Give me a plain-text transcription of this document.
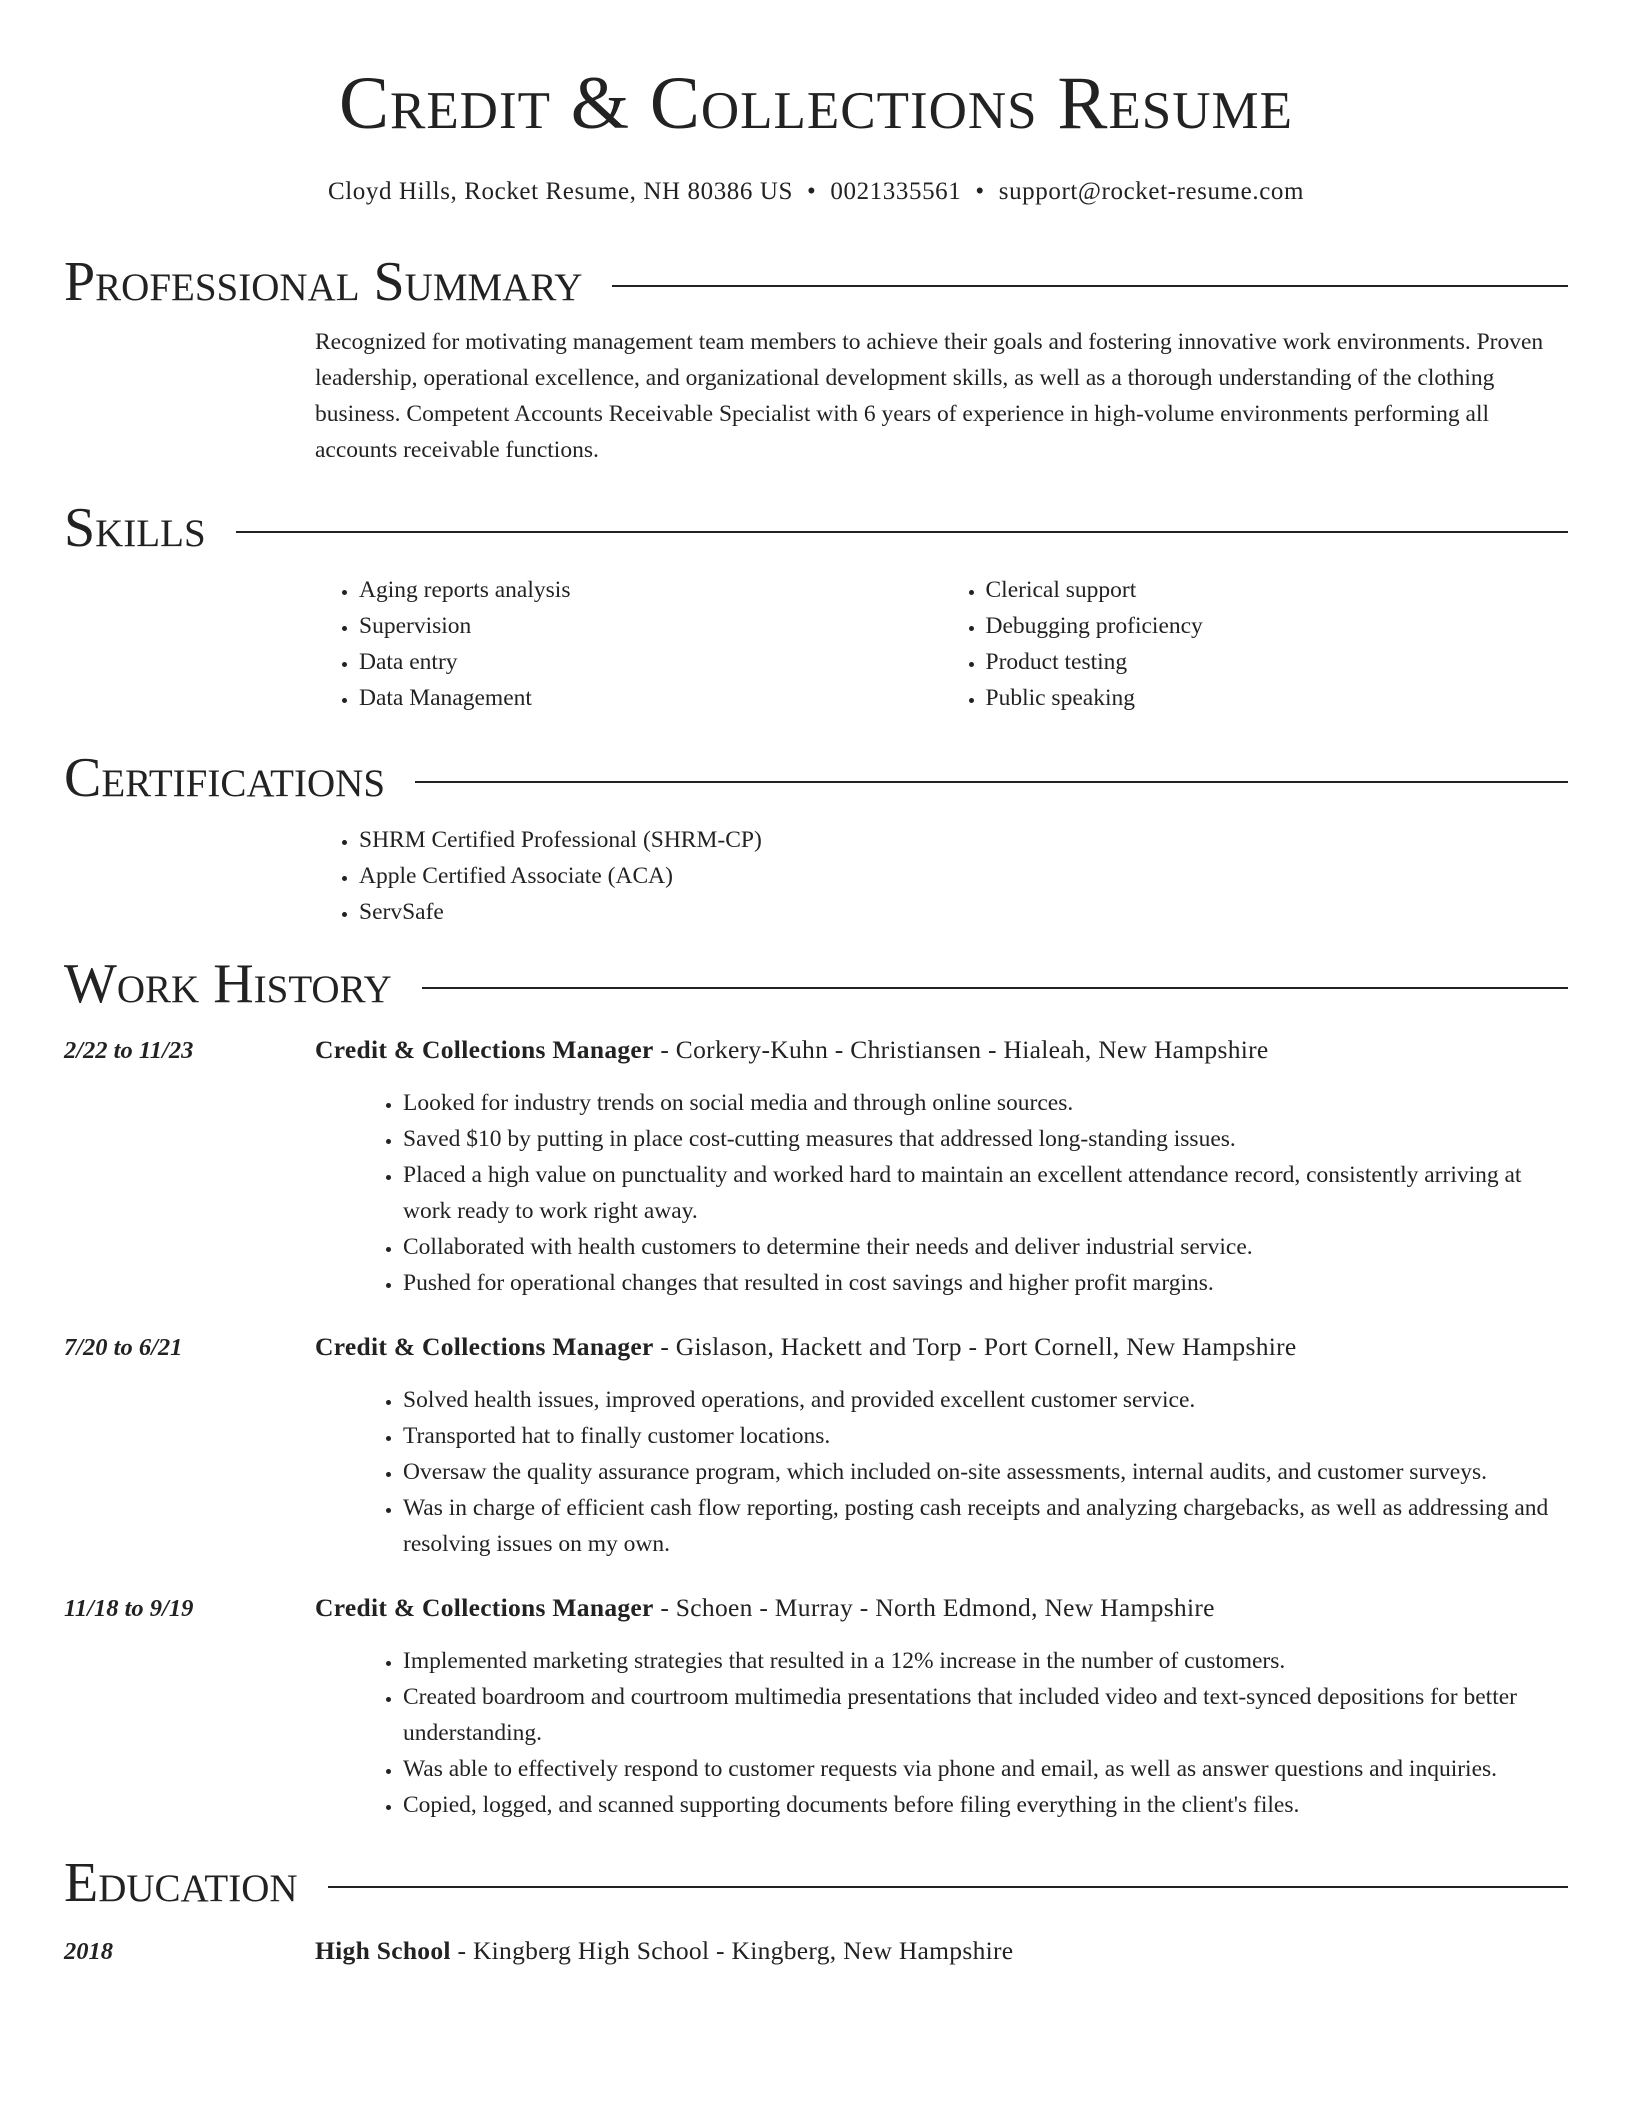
Credit & Collections Resume
Cloyd Hills, Rocket Resume, NH 80386 US • 0021335561 • support@rocket-resume.com
Professional Summary
Recognized for motivating management team members to achieve their goals and fostering innovative work environments. Proven leadership, operational excellence, and organizational development skills, as well as a thorough understanding of the clothing business. Competent Accounts Receivable Specialist with 6 years of experience in high-volume environments performing all accounts receivable functions.
Skills
• Aging reports analysis
• Supervision
• Data entry
• Data Management
• Clerical support
• Debugging proficiency
• Product testing
• Public speaking
Certifications
• SHRM Certified Professional (SHRM-CP)
• Apple Certified Associate (ACA)
• ServSafe
Work History
2/22 to 11/23	Credit & Collections Manager - Corkery-Kuhn - Christiansen - Hialeah, New Hampshire
• Looked for industry trends on social media and through online sources.
• Saved $10 by putting in place cost-cutting measures that addressed long-standing issues.
• Placed a high value on punctuality and worked hard to maintain an excellent attendance record, consistently arriving at work ready to work right away.
• Collaborated with health customers to determine their needs and deliver industrial service.
• Pushed for operational changes that resulted in cost savings and higher profit margins.
7/20 to 6/21	Credit & Collections Manager - Gislason, Hackett and Torp - Port Cornell, New Hampshire
• Solved health issues, improved operations, and provided excellent customer service.
• Transported hat to finally customer locations.
• Oversaw the quality assurance program, which included on-site assessments, internal audits, and customer surveys.
• Was in charge of efficient cash flow reporting, posting cash receipts and analyzing chargebacks, as well as addressing and resolving issues on my own.
11/18 to 9/19	Credit & Collections Manager - Schoen - Murray - North Edmond, New Hampshire
• Implemented marketing strategies that resulted in a 12% increase in the number of customers.
• Created boardroom and courtroom multimedia presentations that included video and text-synced depositions for better understanding.
• Was able to effectively respond to customer requests via phone and email, as well as answer questions and inquiries.
• Copied, logged, and scanned supporting documents before filing everything in the client's files.
Education
2018	High School - Kingberg High School - Kingberg, New Hampshire
